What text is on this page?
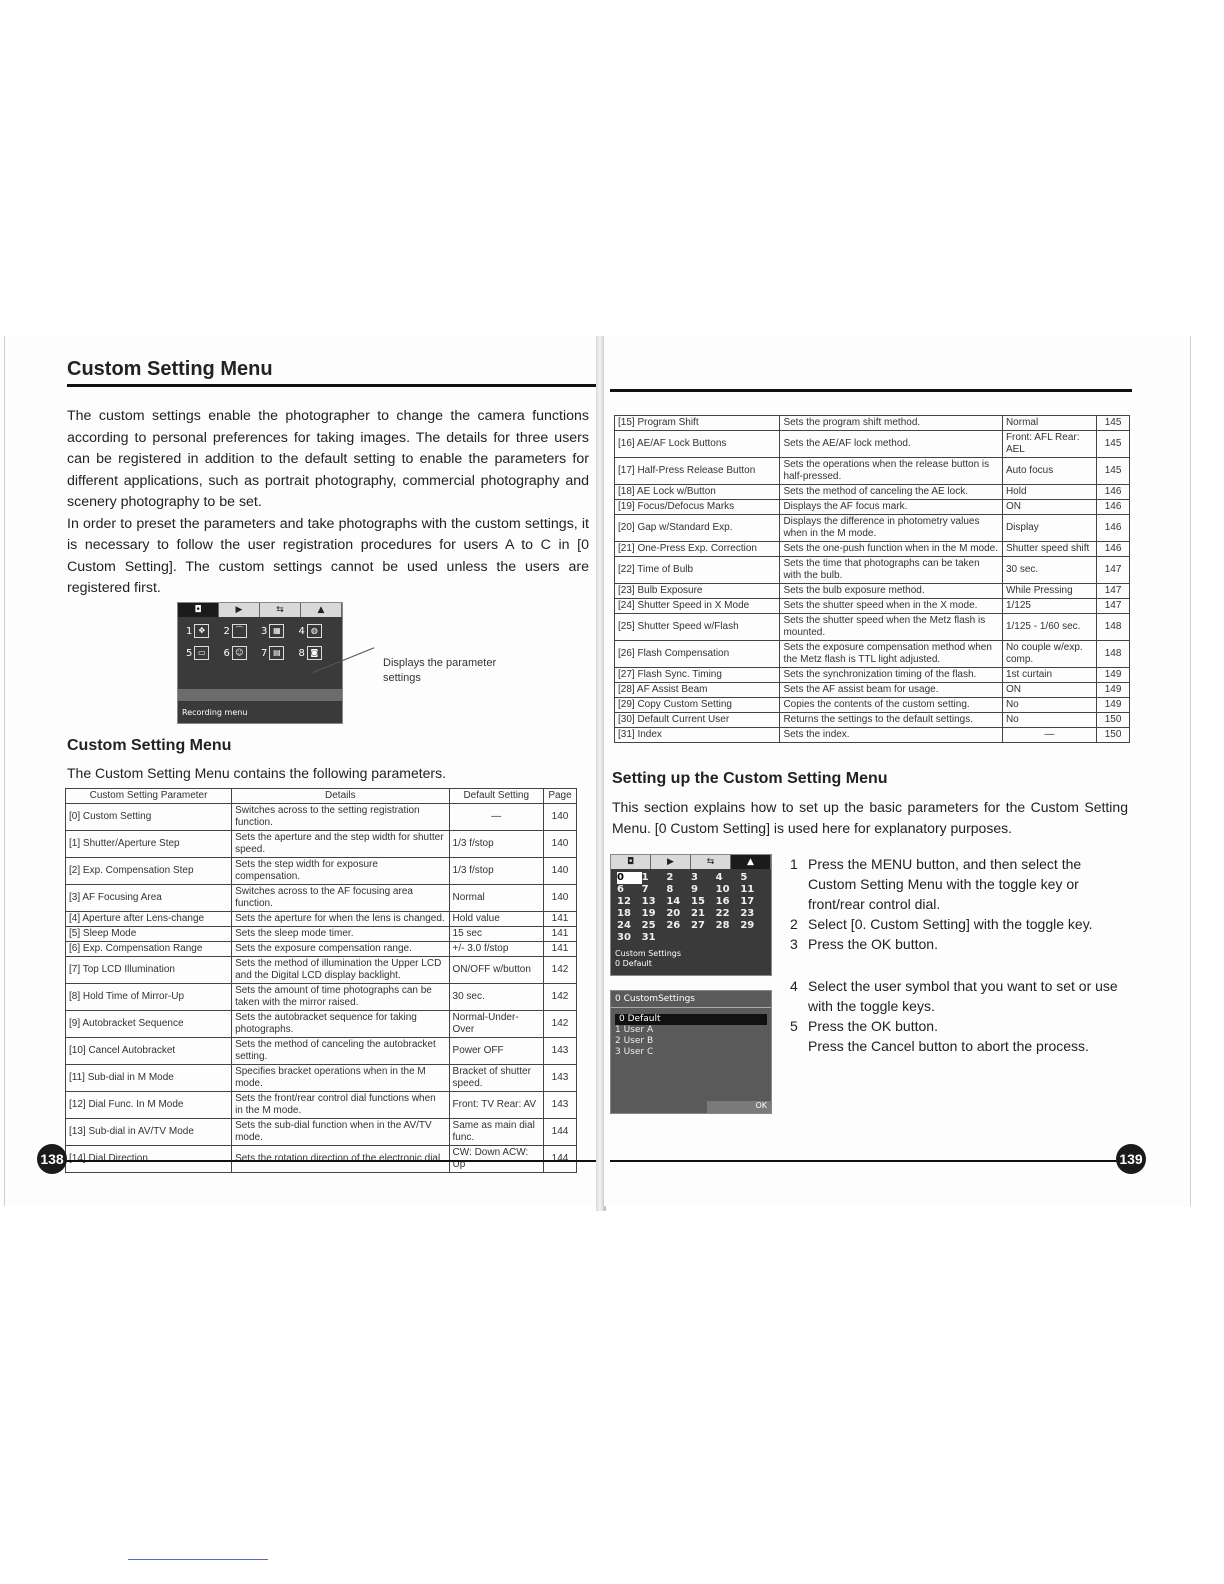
Custom Setting Menu

The custom settings enable the photographer to change the camera functions according to personal preferences for taking images. The details for three users can be registered in addition to the default setting to enable the parameters for different applications, such as portrait photography, commercial photography and scenery photography to be set.

In order to preset the parameters and take photographs with the custom settings, it is necessary to follow the user registration procedures for users A to C in [0 Custom Setting]. The custom settings cannot be used unless the users are registered first.

◘	▶	⇆	▲
1 ✥	2 ⌒	3 ▦	4 ◍
5 ▭	6 ☺	7 ▤	8 ◙
Recording menu
Displays the parameter settings
Custom Setting Menu
The Custom Setting Menu contains the following parameters.
Custom Setting Parameter	Details	Default Setting	Page
[0] Custom Setting	Switches across to the setting registration function.	—	140
[1] Shutter/Aperture Step	Sets the aperture and the step width for shutter speed.	1/3 f/stop	140
[2] Exp. Compensation Step	Sets the step width for exposure compensation.	1/3 f/stop	140
[3] AF Focusing Area	Switches across to the AF focusing area function.	Normal	140
[4] Aperture after Lens-change	Sets the aperture for when the lens is changed.	Hold value	141
[5] Sleep Mode	Sets the sleep mode timer.	15 sec	141
[6] Exp. Compensation Range	Sets the exposure compensation range.	+/- 3.0 f/stop	141
[7] Top LCD Illumination	Sets the method of illumination the Upper LCD and the Digital LCD display backlight.	ON/OFF w/button	142
[8] Hold Time of Mirror-Up	Sets the amount of time photographs can be taken with the mirror raised.	30 sec.	142
[9] Autobracket Sequence	Sets the autobracket sequence for taking photographs.	Normal-Under-Over	142
[10] Cancel Autobracket	Sets the method of canceling the autobracket setting.	Power OFF	143
[11] Sub-dial in M Mode	Specifies bracket operations when in the M mode.	Bracket of shutter speed.	143
[12] Dial Func. In M Mode	Sets the front/rear control dial functions when in the M mode.	Front: TV Rear: AV	143
[13] Sub-dial in AV/TV Mode	Sets the sub-dial function when in the AV/TV mode.	Same as main dial func.	144
[14] Dial Direction	Sets the rotation direction of the electronic dial.	CW: Down ACW: Up	144
138
[15] Program Shift	Sets the program shift method.	Normal	145
[16] AE/AF Lock Buttons	Sets the AE/AF lock method.	Front: AFL Rear: AEL	145
[17] Half-Press Release Button	Sets the operations when the release button is half-pressed.	Auto focus	145
[18] AE Lock w/Button	Sets the method of canceling the AE lock.	Hold	146
[19] Focus/Defocus Marks	Displays the AF focus mark.	ON	146
[20] Gap w/Standard Exp.	Displays the difference in photometry values when in the M mode.	Display	146
[21] One-Press Exp. Correction	Sets the one-push function when in the M mode.	Shutter speed shift	146
[22] Time of Bulb	Sets the time that photographs can be taken with the bulb.	30 sec.	147
[23] Bulb Exposure	Sets the bulb exposure method.	While Pressing	147
[24] Shutter Speed in X Mode	Sets the shutter speed when in the X mode.	1/125	147
[25] Shutter Speed w/Flash	Sets the shutter speed when the Metz flash is mounted.	1/125 - 1/60 sec.	148
[26] Flash Compensation	Sets the exposure compensation method when the Metz flash is TTL light adjusted.	No couple w/exp. comp.	148
[27] Flash Sync. Timing	Sets the synchronization timing of the flash.	1st curtain	149
[28] AF Assist Beam	Sets the AF assist beam for usage.	ON	149
[29] Copy Custom Setting	Copies the contents of the custom setting.	No	149
[30] Default Current User	Returns the settings to the default settings.	No	150
[31] Index	Sets the index.	—	150
Setting up the Custom Setting Menu
This section explains how to set up the basic parameters for the Custom Setting Menu. [0 Custom Setting] is used here for explanatory purposes.
◘	▶	⇆	▲
0	1	2	3	4	5
6	7	8	9	10	11
12	13	14	15	16	17
18	19	20	21	22	23
24	25	26	27	28	29
30	31
Custom Settings
0 Default
0 CustomSettings
0 Default
1 User A
2 User B
3 User C
OK
1 Press the MENU button, and then select the Custom Setting Menu with the toggle key or front/rear control dial.
2 Select [0. Custom Setting] with the toggle key.
3 Press the OK button.
4 Select the user symbol that you want to set or use with the toggle keys.
5 Press the OK button.
Press the Cancel button to abort the process.
139
